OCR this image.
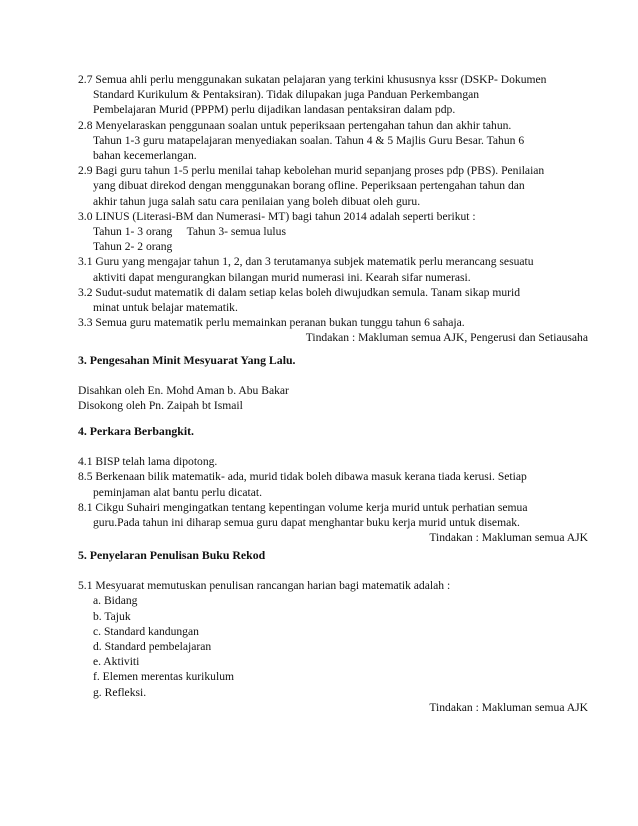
2.7 Semua ahli perlu menggunakan sukatan pelajaran yang terkini khususnya kssr (DSKP- Dokumen

Standard Kurikulum & Pentaksiran). Tidak dilupakan juga Panduan Perkembangan

Pembelajaran Murid (PPPM) perlu dijadikan landasan pentaksiran dalam pdp.

2.8 Menyelaraskan penggunaan soalan untuk peperiksaan pertengahan tahun dan akhir tahun.

Tahun 1-3 guru matapelajaran menyediakan soalan. Tahun 4 & 5 Majlis Guru Besar. Tahun 6

bahan kecemerlangan.

2.9 Bagi guru tahun 1-5 perlu menilai tahap kebolehan murid sepanjang proses pdp (PBS). Penilaian

yang dibuat direkod dengan menggunakan borang ofline. Peperiksaan pertengahan tahun dan

akhir tahun juga salah satu cara penilaian yang boleh dibuat oleh guru.

3.0 LINUS (Literasi-BM dan Numerasi- MT) bagi tahun 2014 adalah seperti berikut :

Tahun 1- 3 orang     Tahun 3- semua lulus

Tahun 2- 2 orang

3.1 Guru yang mengajar tahun 1, 2, dan 3 terutamanya subjek matematik perlu merancang sesuatu

aktiviti dapat mengurangkan bilangan murid numerasi ini. Kearah sifar numerasi.

3.2 Sudut-sudut matematik di dalam setiap kelas boleh diwujudkan semula. Tanam sikap murid

minat untuk belajar matematik.

3.3 Semua guru matematik perlu memainkan peranan bukan tunggu tahun 6 sahaja.

Tindakan : Makluman semua AJK, Pengerusi dan Setiausaha

3. Pengesahan Minit Mesyuarat Yang Lalu.

Disahkan oleh En. Mohd Aman b. Abu Bakar

Disokong oleh Pn. Zaipah bt Ismail

4. Perkara Berbangkit.

4.1 BISP telah lama dipotong.

8.5 Berkenaan bilik matematik- ada, murid tidak boleh dibawa masuk kerana tiada kerusi. Setiap

peminjaman alat bantu perlu dicatat.

8.1 Cikgu Suhairi mengingatkan tentang kepentingan volume kerja murid untuk perhatian semua

guru.Pada tahun ini diharap semua guru dapat menghantar buku kerja murid untuk disemak.

Tindakan : Makluman semua AJK

5. Penyelaran Penulisan Buku Rekod

5.1 Mesyuarat memutuskan penulisan rancangan harian bagi matematik adalah :

a. Bidang

b. Tajuk

c. Standard kandungan

d. Standard pembelajaran

e. Aktiviti

f. Elemen merentas kurikulum

g. Refleksi.

Tindakan : Makluman semua AJK
